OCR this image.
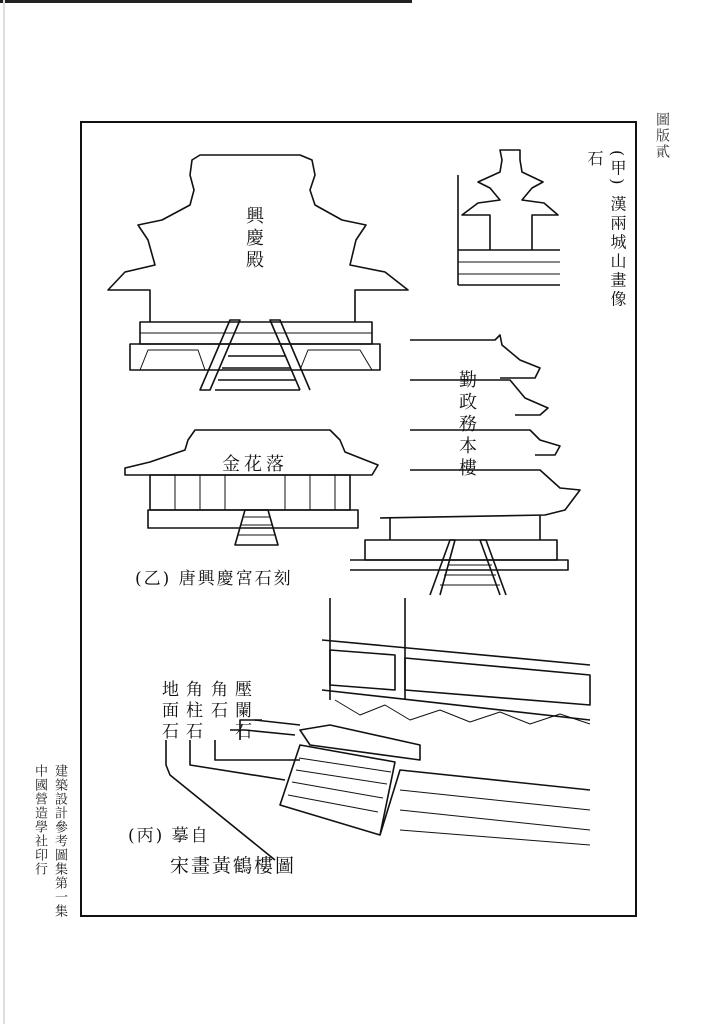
圖版貳
建築設計參考圖集第一集
中國營造學社印行
(甲) 漢兩城山畫像石
興慶殿
金花落	勤政務本樓
(乙) 唐興慶宮石刻
地面石 角柱石 角石 壓闌石
(丙) 摹自
宋畫黃鶴樓圖
